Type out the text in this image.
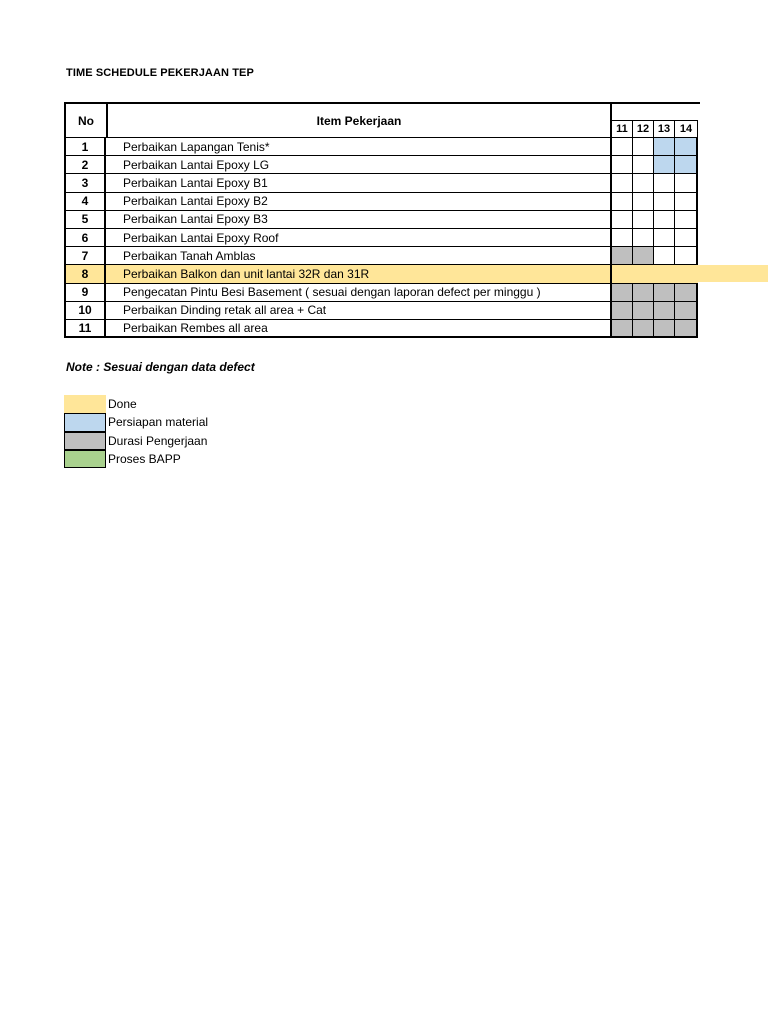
TIME SCHEDULE PEKERJAAN TEP
No	Item Pekerjaan
11 12 13 14
1	Perbaikan Lapangan Tenis*
2	Perbaikan Lantai Epoxy LG
3	Perbaikan Lantai Epoxy B1
4	Perbaikan Lantai Epoxy B2
5	Perbaikan Lantai Epoxy B3
6	Perbaikan Lantai Epoxy Roof
7	Perbaikan Tanah Amblas
8	Perbaikan Balkon dan unit lantai 32R dan 31R
9	Pengecatan Pintu Besi Basement ( sesuai dengan laporan defect per minggu )
10	Perbaikan Dinding retak all area + Cat
11	Perbaikan Rembes all area
Note : Sesuai dengan data defect
Done
Persiapan material
Durasi Pengerjaan
Proses BAPP
